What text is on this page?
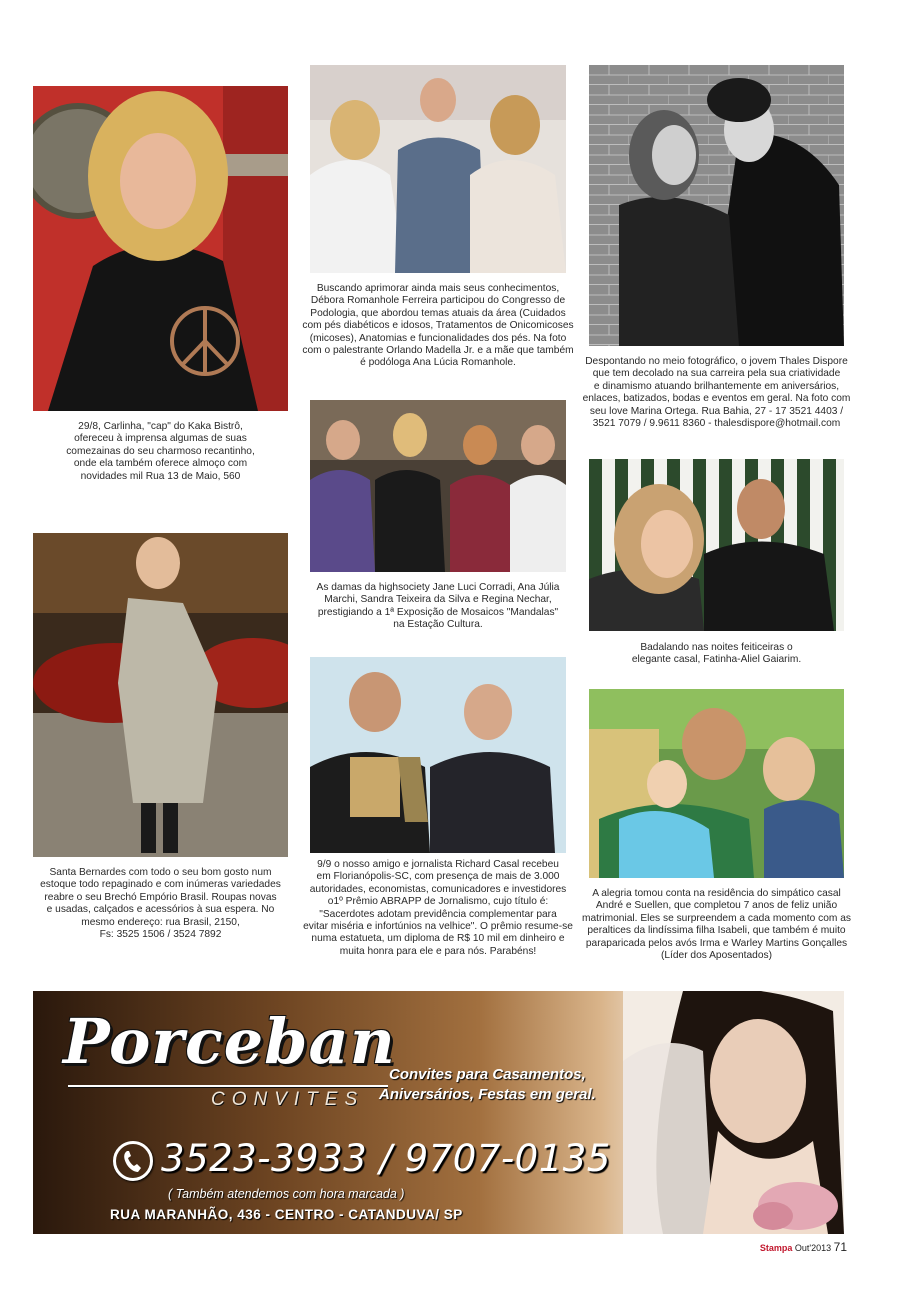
29/8, Carlinha, "cap" do Kaka Bistrô,
ofereceu à imprensa algumas de suas
comezainas do seu charmoso recantinho,
onde ela também oferece almoço com
novidades mil Rua 13 de Maio, 560
Santa Bernardes com todo o seu bom gosto num
estoque todo repaginado e com inúmeras variedades
reabre o seu Brechó Empório Brasil. Roupas novas
e usadas, calçados e acessórios à sua espera. No
mesmo endereço: rua Brasil, 2150,
Fs: 3525 1506 / 3524 7892
Buscando aprimorar ainda mais seus conhecimentos,
Débora Romanhole Ferreira participou do Congresso de
Podologia, que abordou temas atuais da área (Cuidados
com pés diabéticos e idosos, Tratamentos de Onicomicoses
(micoses), Anatomias e funcionalidades dos pés. Na foto
com o palestrante Orlando Madella Jr. e a mãe que também
é podóloga Ana Lúcia Romanhole.
As damas da highsociety Jane Luci Corradi, Ana Júlia
Marchi, Sandra Teixeira da Silva e Regina Nechar,
prestigiando a 1ª Exposição de Mosaicos "Mandalas"
na Estação Cultura.
9/9 o nosso amigo e jornalista Richard Casal recebeu
em Florianópolis-SC, com presença de mais de 3.000
autoridades, economistas, comunicadores e investidores
o1º Prêmio ABRAPP de Jornalismo, cujo título é:
"Sacerdotes adotam previdência complementar para
evitar miséria e infortúnios na velhice". O prêmio resume-se
numa estatueta, um diploma de R$ 10 mil em dinheiro e
muita honra para ele e para nós. Parabéns!
Despontando no meio fotográfico, o jovem Thales Dispore
que tem decolado na sua carreira pela sua criatividade
e dinamismo atuando brilhantemente em aniversários,
enlaces, batizados, bodas e eventos em geral. Na foto com
seu love Marina Ortega. Rua Bahia, 27 - 17 3521 4403 /
3521 7079 / 9.9611 8360 - thalesdispore@hotmail.com
Badalando nas noites feiticeiras o
elegante casal, Fatinha-Aliel Gaiarim.
A alegria tomou conta na residência do simpático casal
André e Suellen, que completou 7 anos de feliz união
matrimonial. Eles se surpreendem a cada momento com as
peraltices da lindíssima filha Isabeli, que também é muito
paraparicada pelos avós Irma e Warley Martins Gonçalles
(Líder dos Aposentados)
Porceban
CONVITES
Convites para Casamentos,
Aniversários, Festas em geral.
3523-3933 / 9707-0135
( Também atendemos com hora marcada )
RUA MARANHÃO, 436 - CENTRO - CATANDUVA/ SP
Stampa Out'2013 71
